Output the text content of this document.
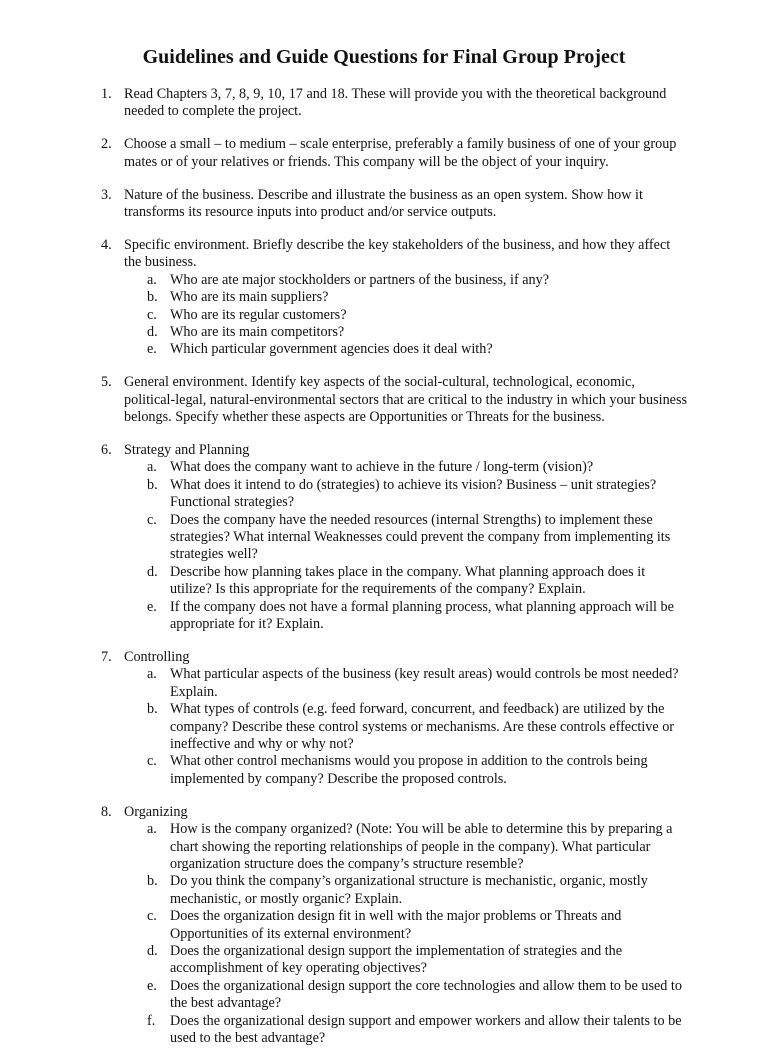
Guidelines and Guide Questions for Final Group Project
1. Read Chapters 3, 7, 8, 9, 10, 17 and 18. These will provide you with the theoretical background needed to complete the project.
2. Choose a small – to medium – scale enterprise, preferably a family business of one of your group mates or of your relatives or friends. This company will be the object of your inquiry.
3. Nature of the business. Describe and illustrate the business as an open system. Show how it transforms its resource inputs into product and/or service outputs.
4. Specific environment. Briefly describe the key stakeholders of the business, and how they affect the business.
a. Who are ate major stockholders or partners of the business, if any?
b. Who are its main suppliers?
c. Who are its regular customers?
d. Who are its main competitors?
e. Which particular government agencies does it deal with?
5. General environment. Identify key aspects of the social-cultural, technological, economic, political-legal, natural-environmental sectors that are critical to the industry in which your business belongs. Specify whether these aspects are Opportunities or Threats for the business.
6. Strategy and Planning
a. What does the company want to achieve in the future / long-term (vision)?
b. What does it intend to do (strategies) to achieve its vision? Business – unit strategies? Functional strategies?
c. Does the company have the needed resources (internal Strengths) to implement these strategies? What internal Weaknesses could prevent the company from implementing its strategies well?
d. Describe how planning takes place in the company. What planning approach does it utilize? Is this appropriate for the requirements of the company? Explain.
e. If the company does not have a formal planning process, what planning approach will be appropriate for it? Explain.
7. Controlling
a. What particular aspects of the business (key result areas) would controls be most needed? Explain.
b. What types of controls (e.g. feed forward, concurrent, and feedback) are utilized by the company? Describe these control systems or mechanisms. Are these controls effective or ineffective and why or why not?
c. What other control mechanisms would you propose in addition to the controls being implemented by company? Describe the proposed controls.
8. Organizing
a. How is the company organized? (Note: You will be able to determine this by preparing a chart showing the reporting relationships of people in the company). What particular organization structure does the company’s structure resemble?
b. Do you think the company’s organizational structure is mechanistic, organic, mostly mechanistic, or mostly organic? Explain.
c. Does the organization design fit in well with the major problems or Threats and Opportunities of its external environment?
d. Does the organizational design support the implementation of strategies and the accomplishment of key operating objectives?
e. Does the organizational design support the core technologies and allow them to be used to the best advantage?
f. Does the organizational design support and empower workers and allow their talents to be used to the best advantage?
